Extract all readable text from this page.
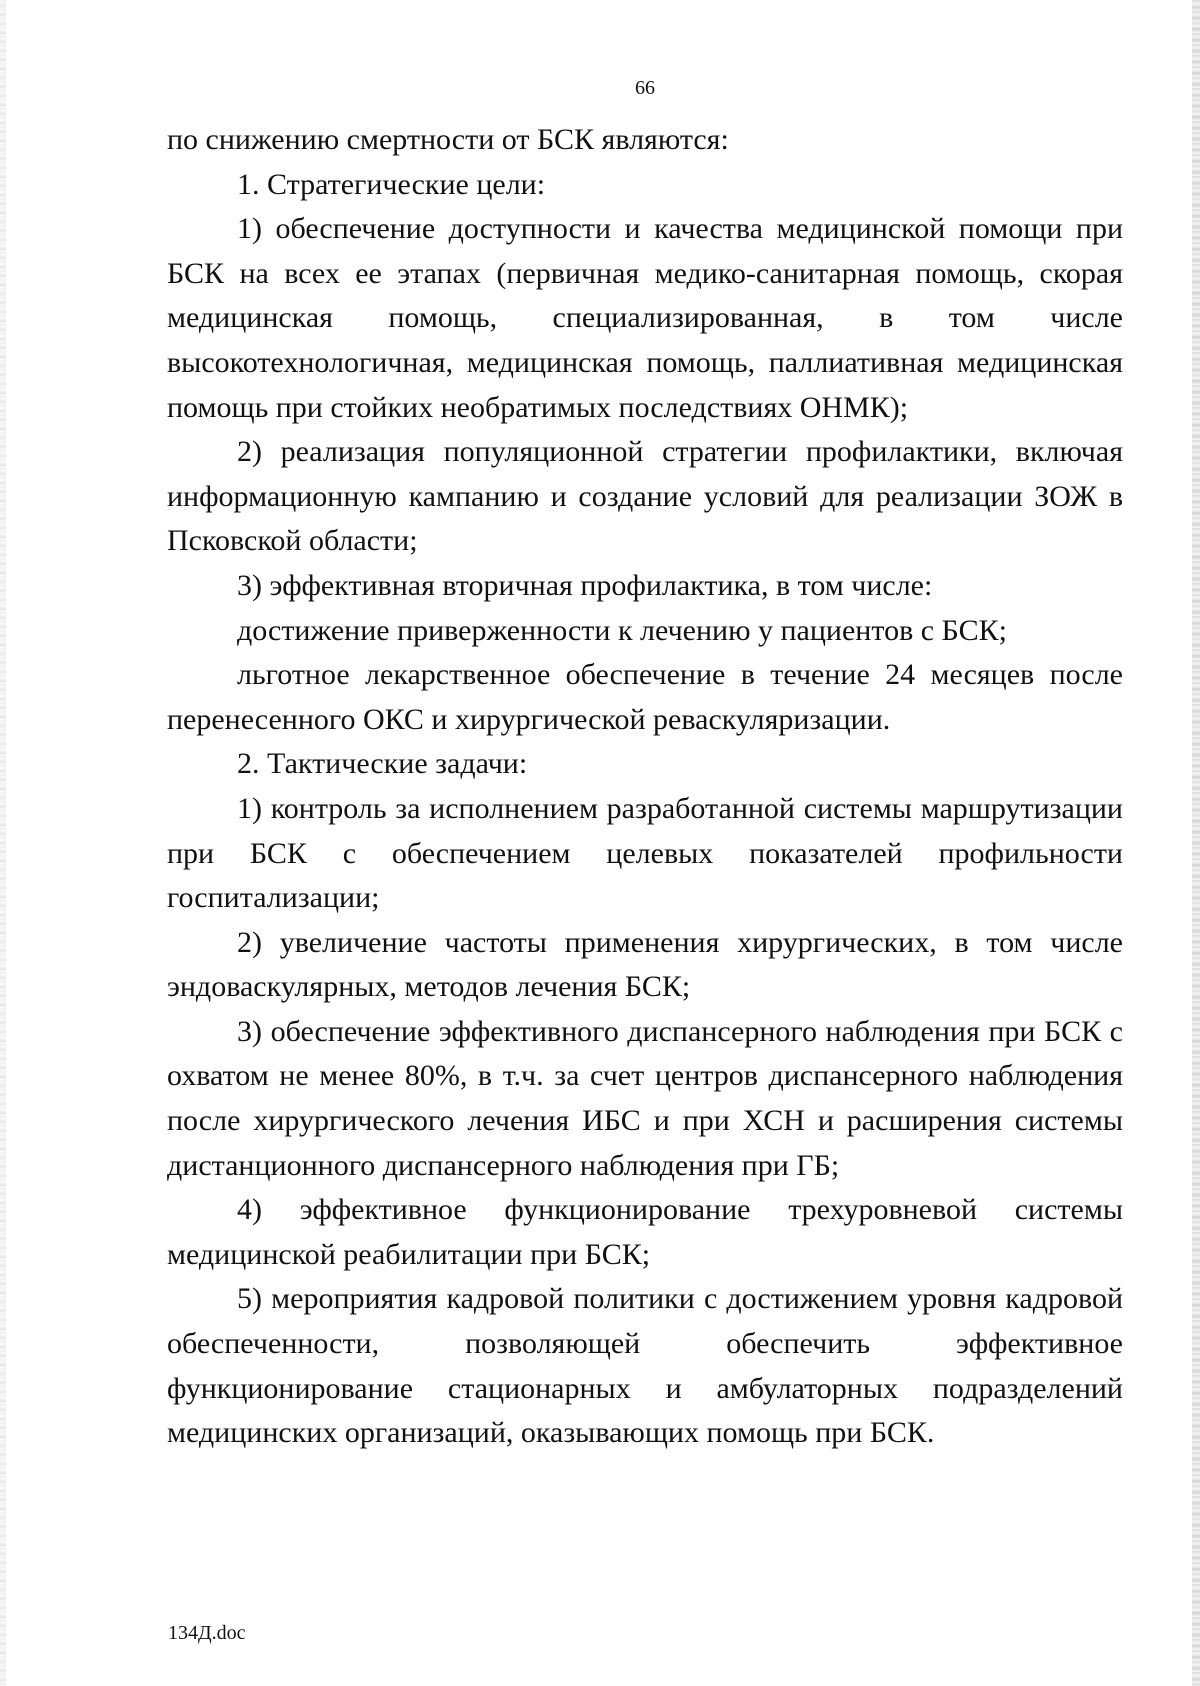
66

по снижению смертности от БСК являются:

1. Стратегические цели:

1) обеспечение доступности и качества медицинской помощи при БСК на всех ее этапах (первичная медико-санитарная помощь, скорая медицинская помощь, специализированная, в том числе высокотехнологичная, медицинская помощь, паллиативная медицинская помощь при стойких необратимых последствиях ОНМК);

2) реализация популяционной стратегии профилактики, включая информационную кампанию и создание условий для реализации ЗОЖ в Псковской области;

3) эффективная вторичная профилактика, в том числе:

достижение приверженности к лечению у пациентов с БСК;

льготное лекарственное обеспечение в течение 24 месяцев после перенесенного ОКС и хирургической реваскуляризации.

2. Тактические задачи:

1) контроль за исполнением разработанной системы маршрутизации при БСК с обеспечением целевых показателей профильности госпитализации;

2) увеличение частоты применения хирургических, в том числе эндоваскулярных, методов лечения БСК;

3) обеспечение эффективного диспансерного наблюдения при БСК с охватом не менее 80%, в т.ч. за счет центров диспансерного наблюдения после хирургического лечения ИБС и при ХСН и расширения системы дистанционного диспансерного наблюдения при ГБ;

4) эффективное функционирование трехуровневой системы медицинской реабилитации при БСК;

5) мероприятия кадровой политики с достижением уровня кадровой обеспеченности, позволяющей обеспечить эффективное функционирование стационарных и амбулаторных подразделений медицинских организаций, оказывающих помощь при БСК.

134Д.doc
